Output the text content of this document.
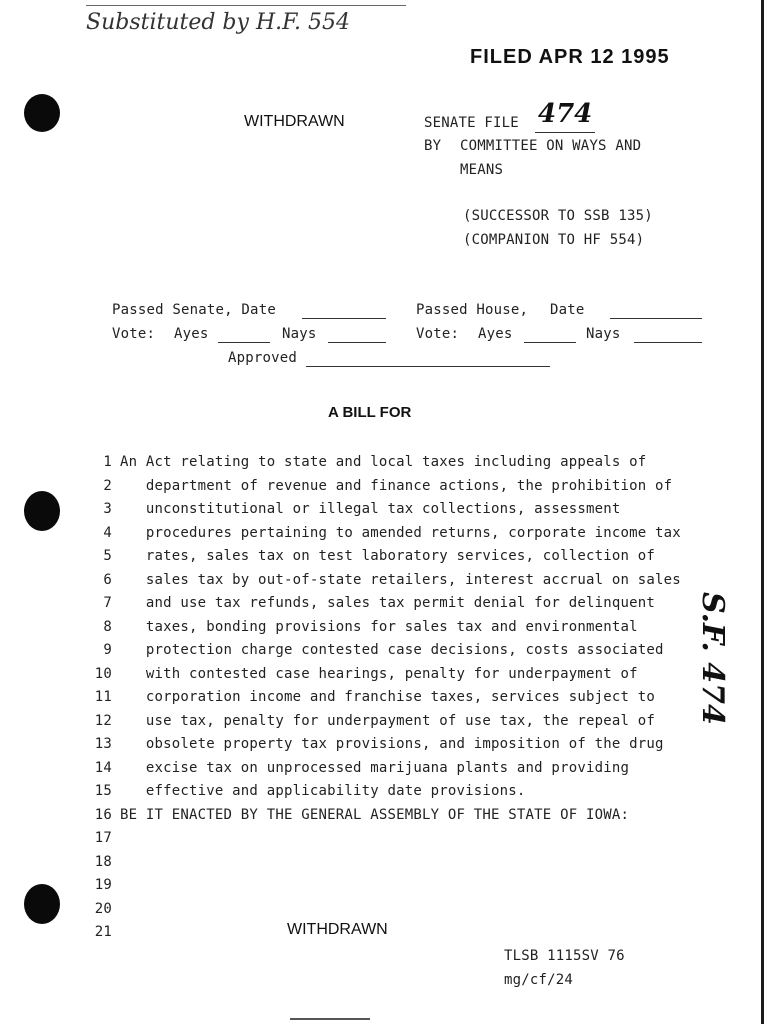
Substituted by H.F. 554
FILED APR 12 1995
WITHDRAWN	SENATE FILE 474
BY COMMITTEE ON WAYS AND
MEANS
(SUCCESSOR TO SSB 135)
(COMPANION TO HF 554)
Passed Senate, Date
Vote: Ayes	Nays
Passed House, Date
Vote: Ayes	Nays
Approved
A BILL FOR
1 An Act relating to state and local taxes including appeals of
2   department of revenue and finance actions, the prohibition of
3   unconstitutional or illegal tax collections, assessment
4   procedures pertaining to amended returns, corporate income tax
5   rates, sales tax on test laboratory services, collection of
6   sales tax by out-of-state retailers, interest accrual on sales
7   and use tax refunds, sales tax permit denial for delinquent
8   taxes, bonding provisions for sales tax and environmental
9   protection charge contested case decisions, costs associated
10   with contested case hearings, penalty for underpayment of
11   corporation income and franchise taxes, services subject to
12   use tax, penalty for underpayment of use tax, the repeal of
13   obsolete property tax provisions, and imposition of the drug
14   excise tax on unprocessed marijuana plants and providing
15   effective and applicability date provisions.
16 BE IT ENACTED BY THE GENERAL ASSEMBLY OF THE STATE OF IOWA:
17
18
19
20
21	WITHDRAWN
TLSB 1115SV 76
mg/cf/24
S.F. 474
